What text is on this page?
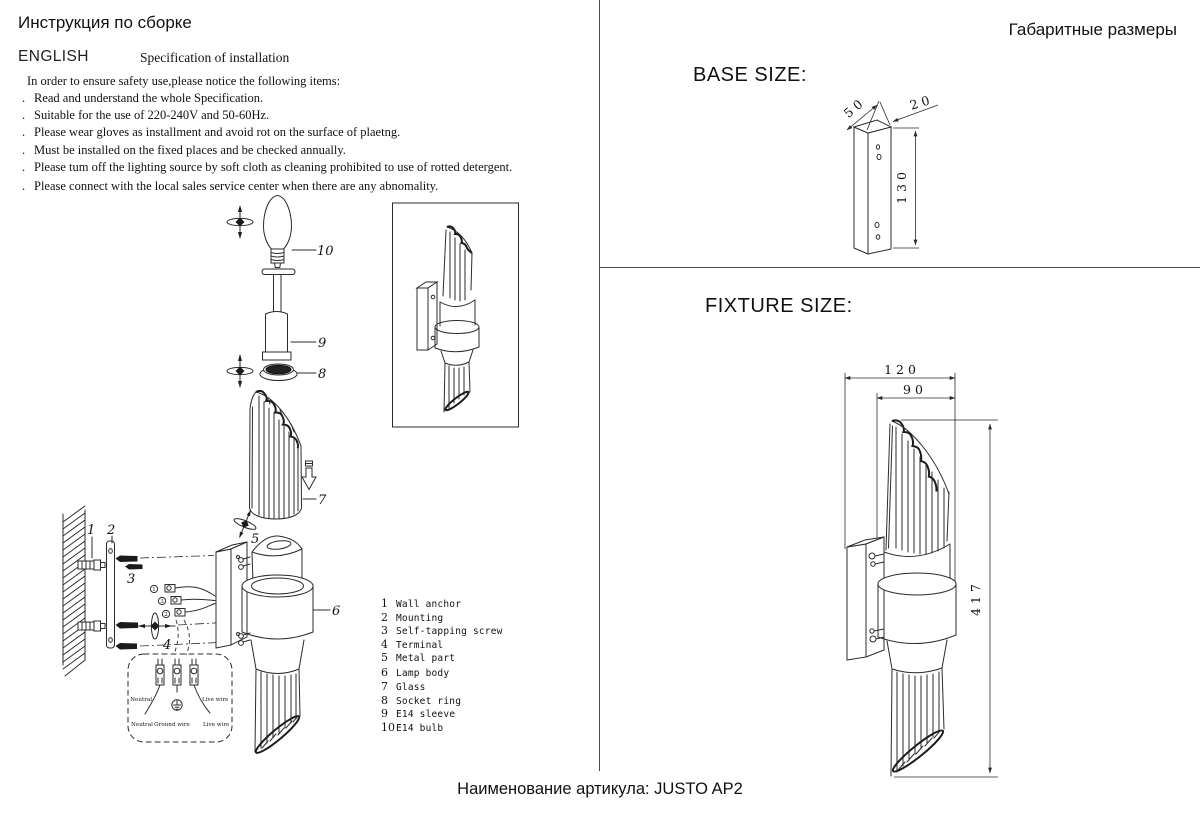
Инструкция по сборке
ENGLISH	Specification of installation
In order to ensure safety use,please notice the following items:
. Read and understand the whole Specification.
. Suitable for the use of 220-240V and 50-60Hz.
. Please wear gloves as installment and avoid rot on the surface of plaetng.
. Must be installed on the fixed places and be checked annually.
. Please tum off the lighting source by soft cloth as cleaning prohibited to use of rotted detergent.
. Please connect with the local sales service center when there are any abnomality.
1 Wall anchor
2 Mounting
3 Self-tapping screw
4 Terminal
5 Metal part
6 Lamp body
7 Glass
8 Socket ring
9 E14 sleeve
10 E14 bulb
Габаритные размеры
BASE SIZE:
FIXTURE SIZE:
Наименование артикула: JUSTO AP2
1
3
2
Neutral
Neutral Ground wire
Live wire
Live wire
10
9
8
7
6
5
4
3
2
1
5 0	2 0
1 3 0
1 2 0
9 0
4 1 7
